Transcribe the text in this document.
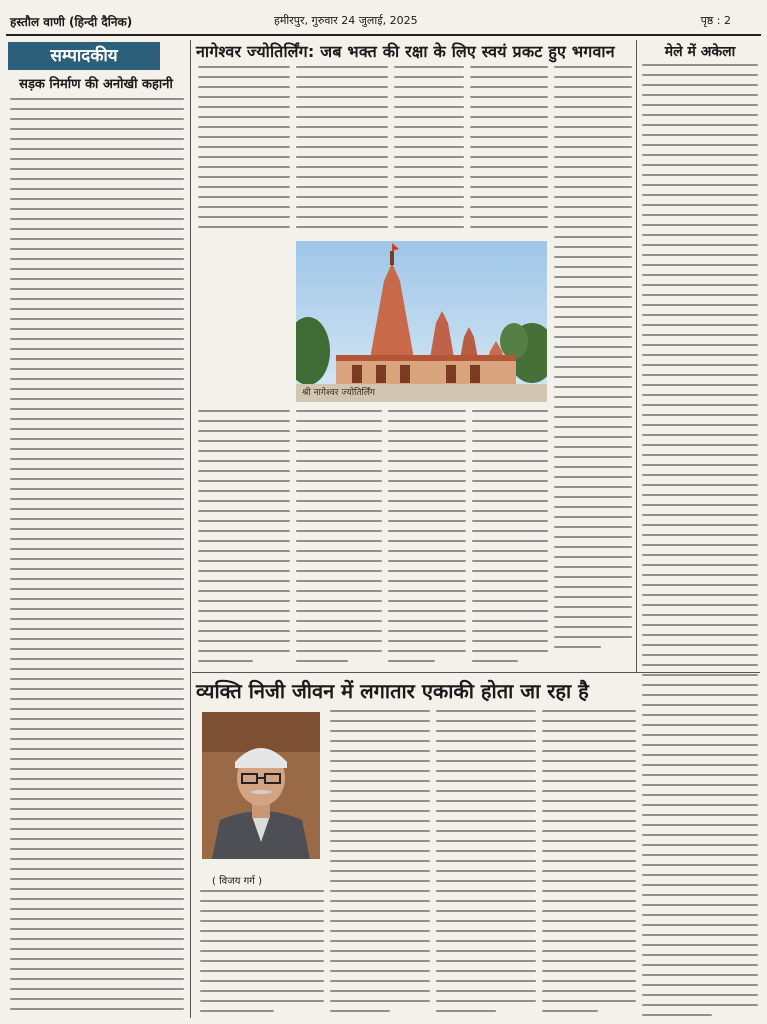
हस्तौल वाणी (हिन्दी दैनिक)	हमीरपुर, गुरुवार 24 जुलाई, 2025	पृष्ठ : 2
सम्पादकीय
सड़क निर्माण की अनोखी कहानी
नागेश्वर ज्योतिर्लिंग: जब भक्त की रक्षा के लिए स्वयं प्रकट हुए भगवान
श्री नागेश्वर ज्योतिर्लिंग
मेले में अकेला
व्यक्ति निजी जीवन में लगातार एकाकी होता जा रहा है
( विजय गर्ग )
